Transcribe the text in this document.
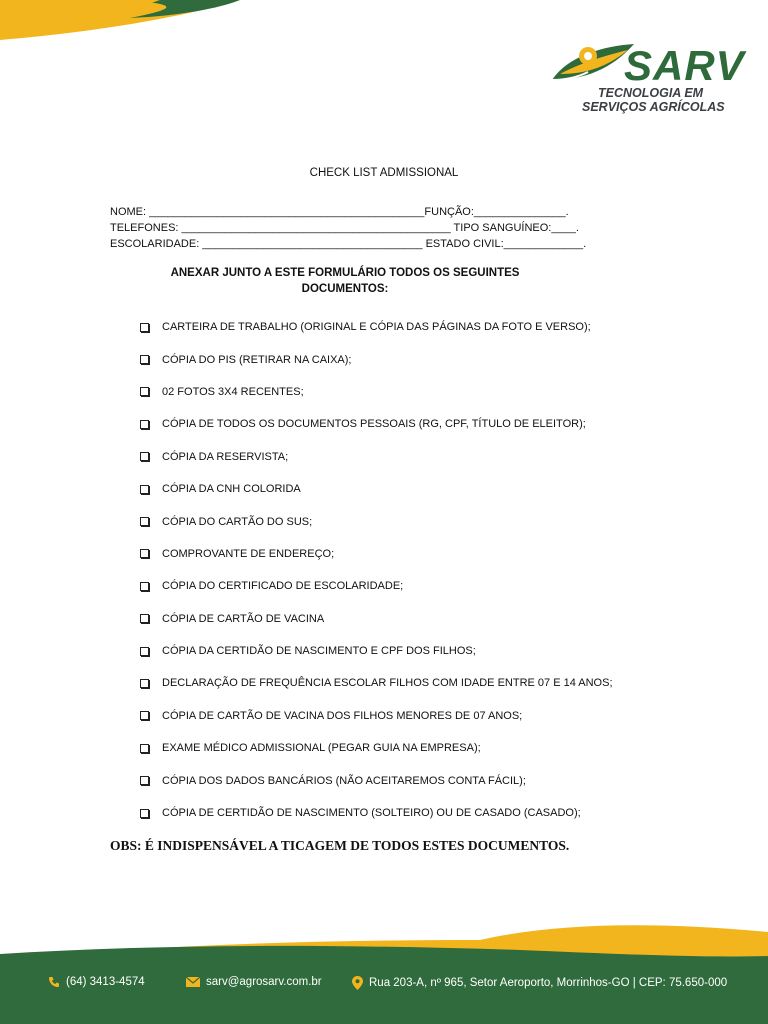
SARV
TECNOLOGIA EM
SERVIÇOS AGRÍCOLAS
CHECK LIST ADMISSIONAL
NOME: _____________________________________________FUNÇÃO:_______________.
TELEFONES: ____________________________________________ TIPO SANGUÍNEO:____.
ESCOLARIDADE: ____________________________________ ESTADO CIVIL:_____________.
ANEXAR JUNTO A ESTE FORMULÁRIO TODOS OS SEGUINTES DOCUMENTOS:
CARTEIRA DE TRABALHO (ORIGINAL E CÓPIA DAS PÁGINAS DA FOTO E VERSO);
CÓPIA DO PIS (RETIRAR NA CAIXA);
02 FOTOS 3X4 RECENTES;
CÓPIA DE TODOS OS DOCUMENTOS PESSOAIS (RG, CPF, TÍTULO DE ELEITOR);
CÓPIA DA RESERVISTA;
CÓPIA DA CNH COLORIDA
CÓPIA DO CARTÃO DO SUS;
COMPROVANTE DE ENDEREÇO;
CÓPIA DO CERTIFICADO DE ESCOLARIDADE;
CÓPIA DE CARTÃO DE VACINA
CÓPIA DA CERTIDÃO DE NASCIMENTO E CPF DOS FILHOS;
DECLARAÇÃO DE FREQUÊNCIA ESCOLAR FILHOS COM IDADE ENTRE 07 E 14 ANOS;
CÓPIA DE CARTÃO DE VACINA DOS FILHOS MENORES DE 07 ANOS;
EXAME MÉDICO ADMISSIONAL (PEGAR GUIA NA EMPRESA);
CÓPIA DOS DADOS BANCÁRIOS (NÃO ACEITAREMOS CONTA FÁCIL);
CÓPIA DE CERTIDÃO DE NASCIMENTO (SOLTEIRO) OU DE CASADO (CASADO);
OBS: É INDISPENSÁVEL A TICAGEM DE TODOS ESTES DOCUMENTOS.
(64) 3413-4574	sarv@agrosarv.com.br	Rua 203-A, nº 965, Setor Aeroporto, Morrinhos-GO | CEP: 75.650-000
